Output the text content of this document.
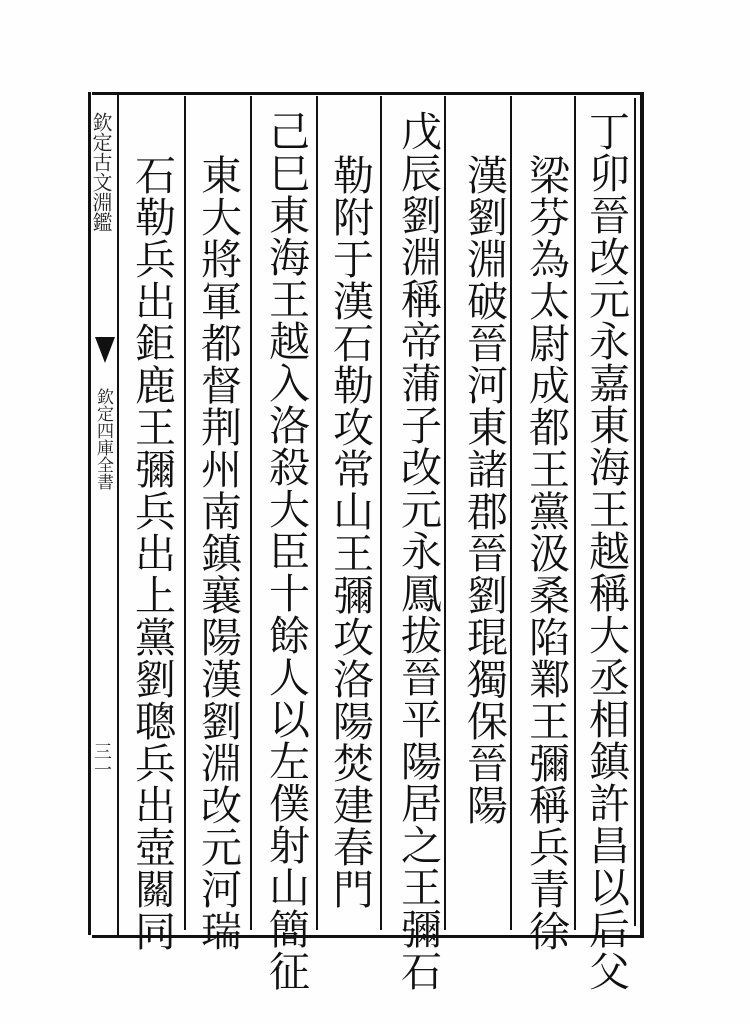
欽定古文淵鑑
欽定四庫全書
三一	丁卯晉改元永嘉東海王越稱大丞相鎮許昌以后父
梁芬為太尉成都王黨汲桑陷鄴王彌稱兵青徐
漢劉淵破晉河東諸郡晉劉琨獨保晉陽
戊辰劉淵稱帝蒲子改元永鳳拔晉平陽居之王彌石
勒附于漢石勒攻常山王彌攻洛陽焚建春門
己巳東海王越入洛殺大臣十餘人以左僕射山簡征
東大將軍都督荆州南鎮襄陽漢劉淵改元河瑞
石勒兵出鉅鹿王彌兵出上黨劉聰兵出壺關同
